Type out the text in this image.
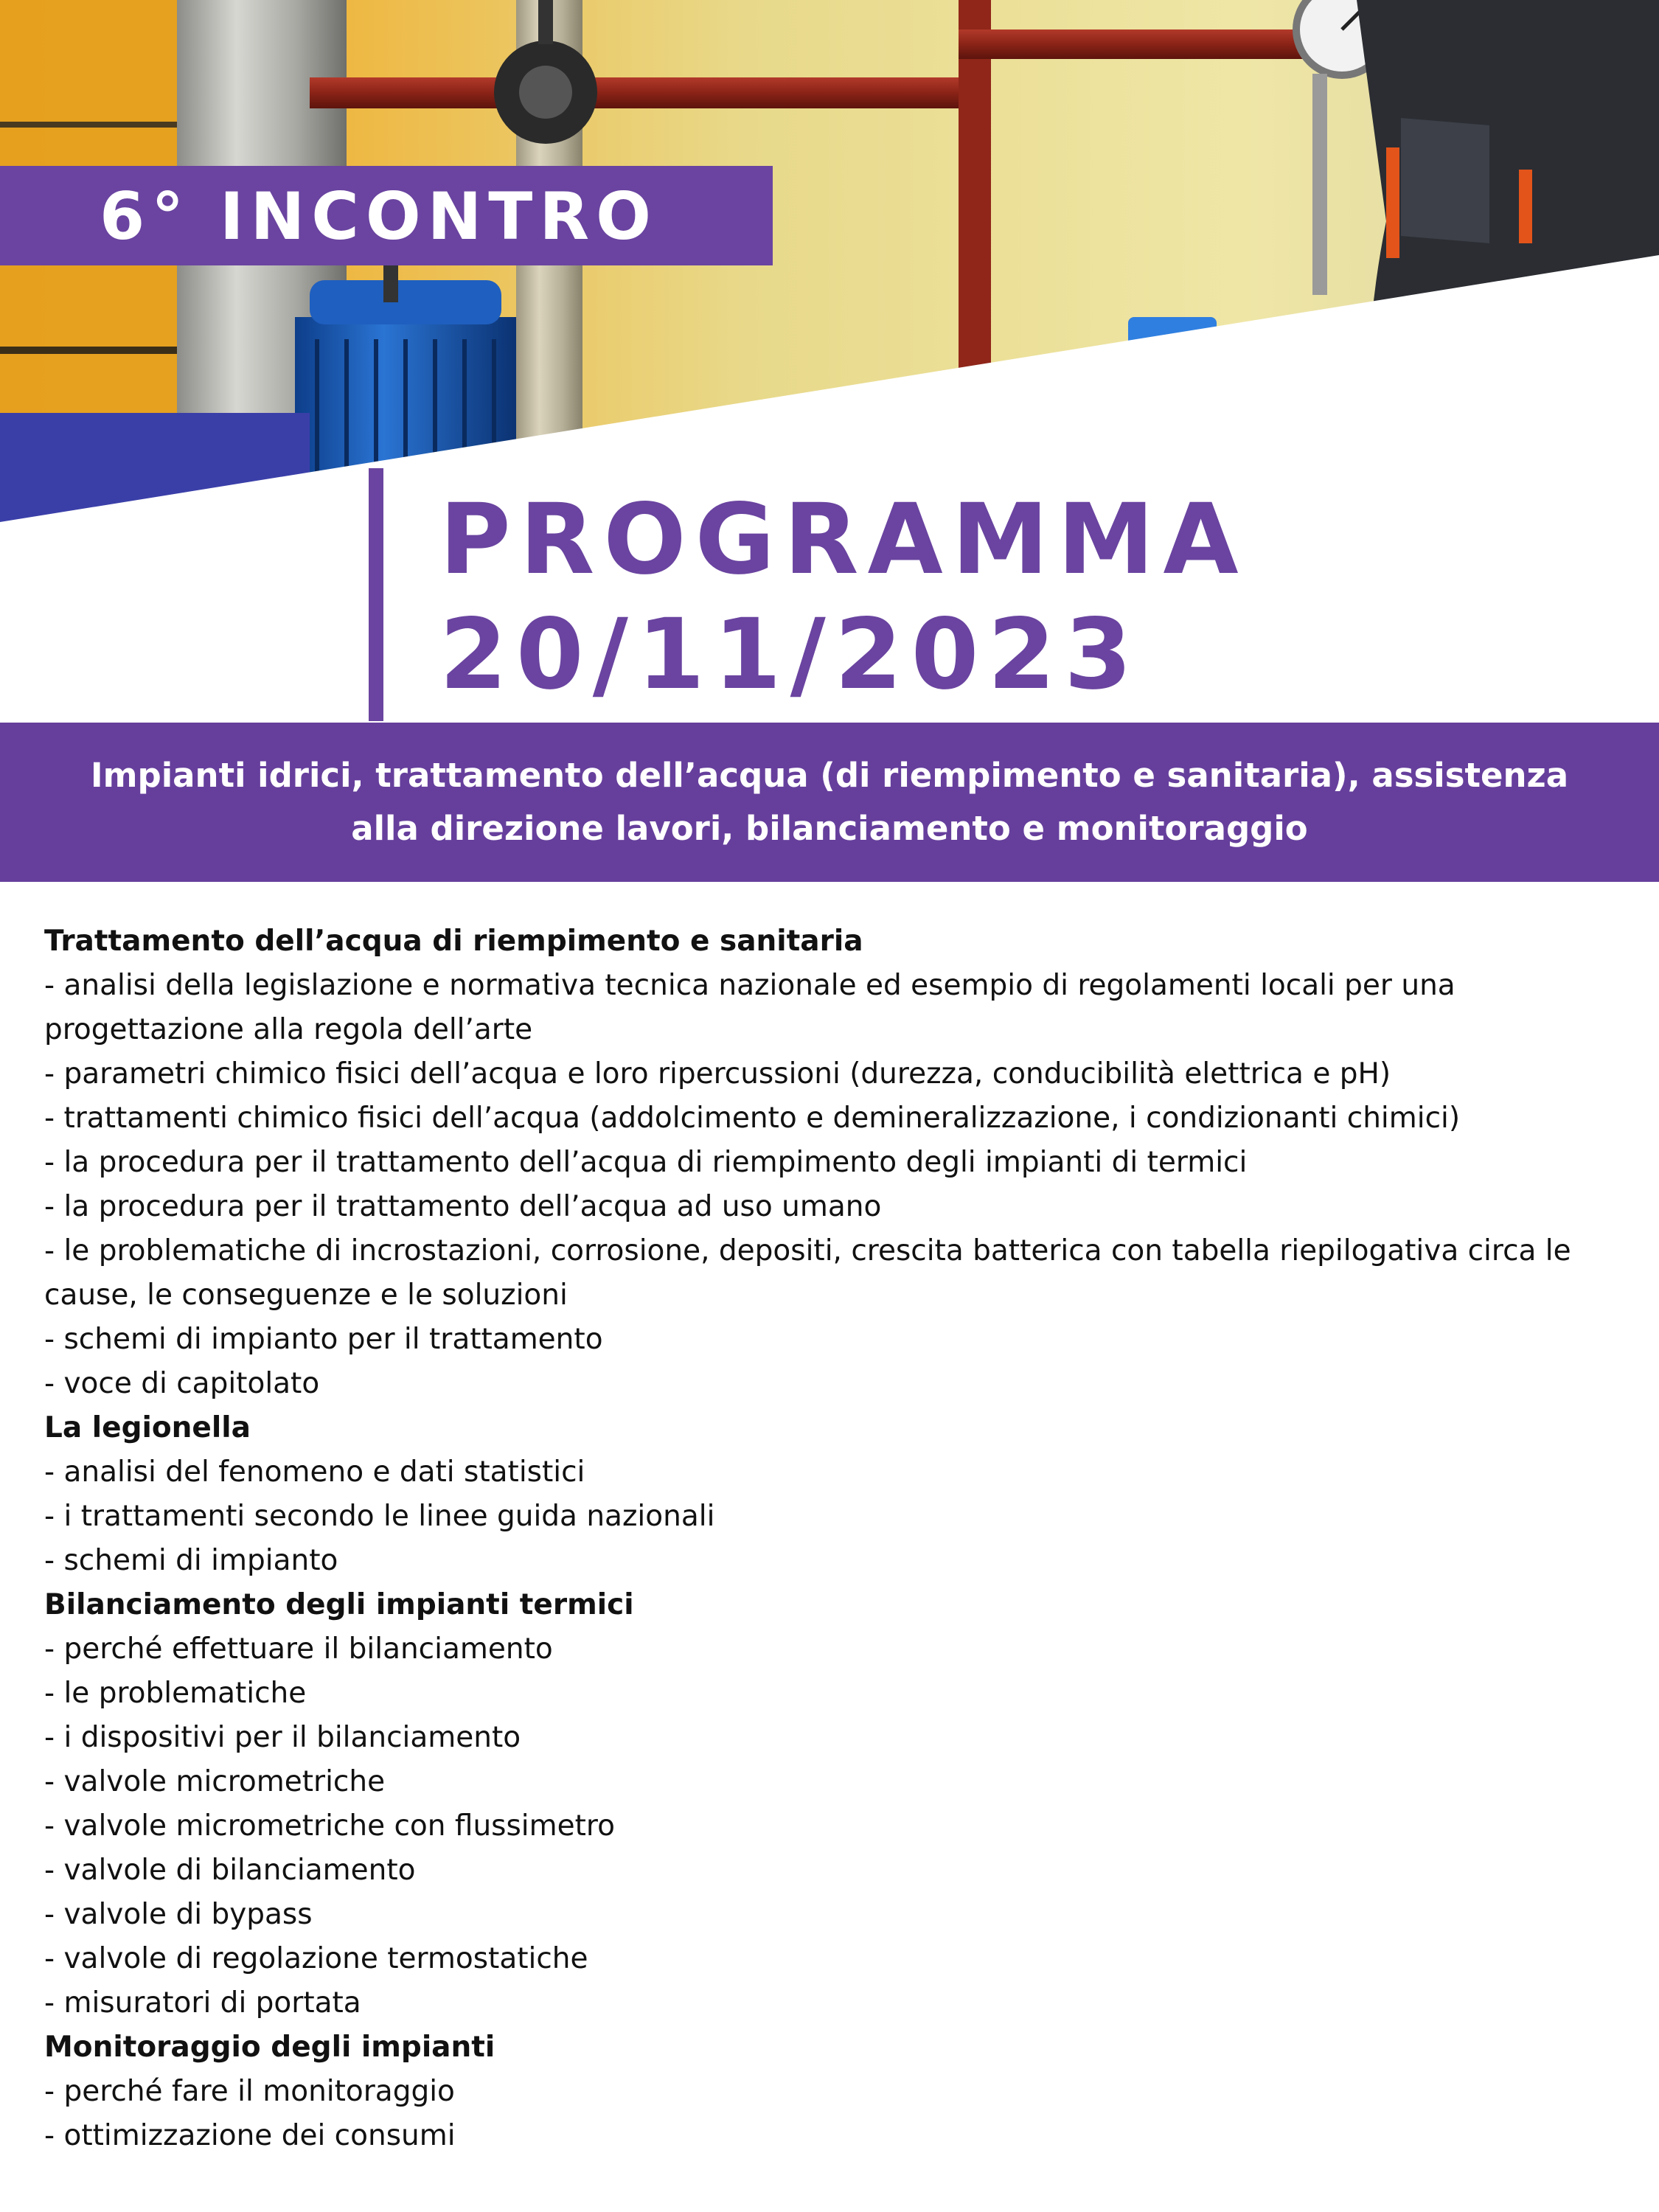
6° INCONTRO
PROGRAMMA
20/11/2023
Impianti idrici, trattamento dell’acqua (di riempimento e sanitaria), assistenza alla direzione lavori, bilanciamento e monitoraggio
Trattamento dell’acqua di riempimento e sanitaria
- analisi della legislazione e normativa tecnica nazionale ed esempio di regolamenti locali per una progettazione alla regola dell’arte
- parametri chimico fisici dell’acqua e loro ripercussioni (durezza, conducibilità elettrica e pH)
- trattamenti chimico fisici dell’acqua (addolcimento e demineralizzazione, i condizionanti chimici)
- la procedura per il trattamento dell’acqua di riempimento degli impianti di termici
- la procedura per il trattamento dell’acqua ad uso umano
- le problematiche di incrostazioni, corrosione, depositi, crescita batterica con tabella riepilogativa circa le cause, le conseguenze e le soluzioni
- schemi di impianto per il trattamento
- voce di capitolato
La legionella
- analisi del fenomeno e dati statistici
- i trattamenti secondo le linee guida nazionali
- schemi di impianto
Bilanciamento degli impianti termici
- perché effettuare il bilanciamento
- le problematiche
- i dispositivi per il bilanciamento
- valvole micrometriche
- valvole micrometriche con flussimetro
- valvole di bilanciamento
- valvole di bypass
- valvole di regolazione termostatiche
- misuratori di portata
Monitoraggio degli impianti
- perché fare il monitoraggio
- ottimizzazione dei consumi
